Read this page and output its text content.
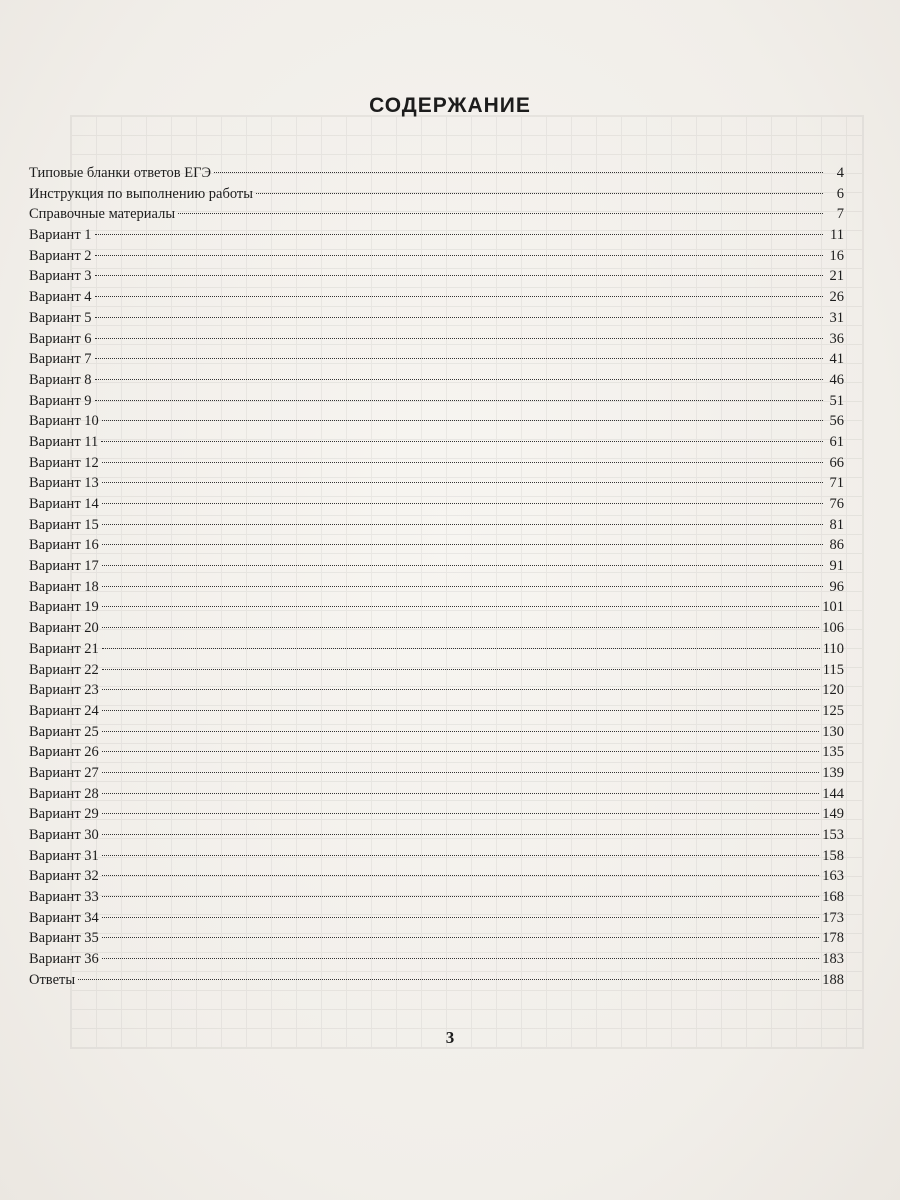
СОДЕРЖАНИЕ
Типовые бланки ответов ЕГЭ	4
Инструкция по выполнению работы	6
Справочные материалы	7
Вариант 1	11
Вариант 2	16
Вариант 3	21
Вариант 4	26
Вариант 5	31
Вариант 6	36
Вариант 7	41
Вариант 8	46
Вариант 9	51
Вариант 10	56
Вариант 11	61
Вариант 12	66
Вариант 13	71
Вариант 14	76
Вариант 15	81
Вариант 16	86
Вариант 17	91
Вариант 18	96
Вариант 19	101
Вариант 20	106
Вариант 21	110
Вариант 22	115
Вариант 23	120
Вариант 24	125
Вариант 25	130
Вариант 26	135
Вариант 27	139
Вариант 28	144
Вариант 29	149
Вариант 30	153
Вариант 31	158
Вариант 32	163
Вариант 33	168
Вариант 34	173
Вариант 35	178
Вариант 36	183
Ответы	188
3
